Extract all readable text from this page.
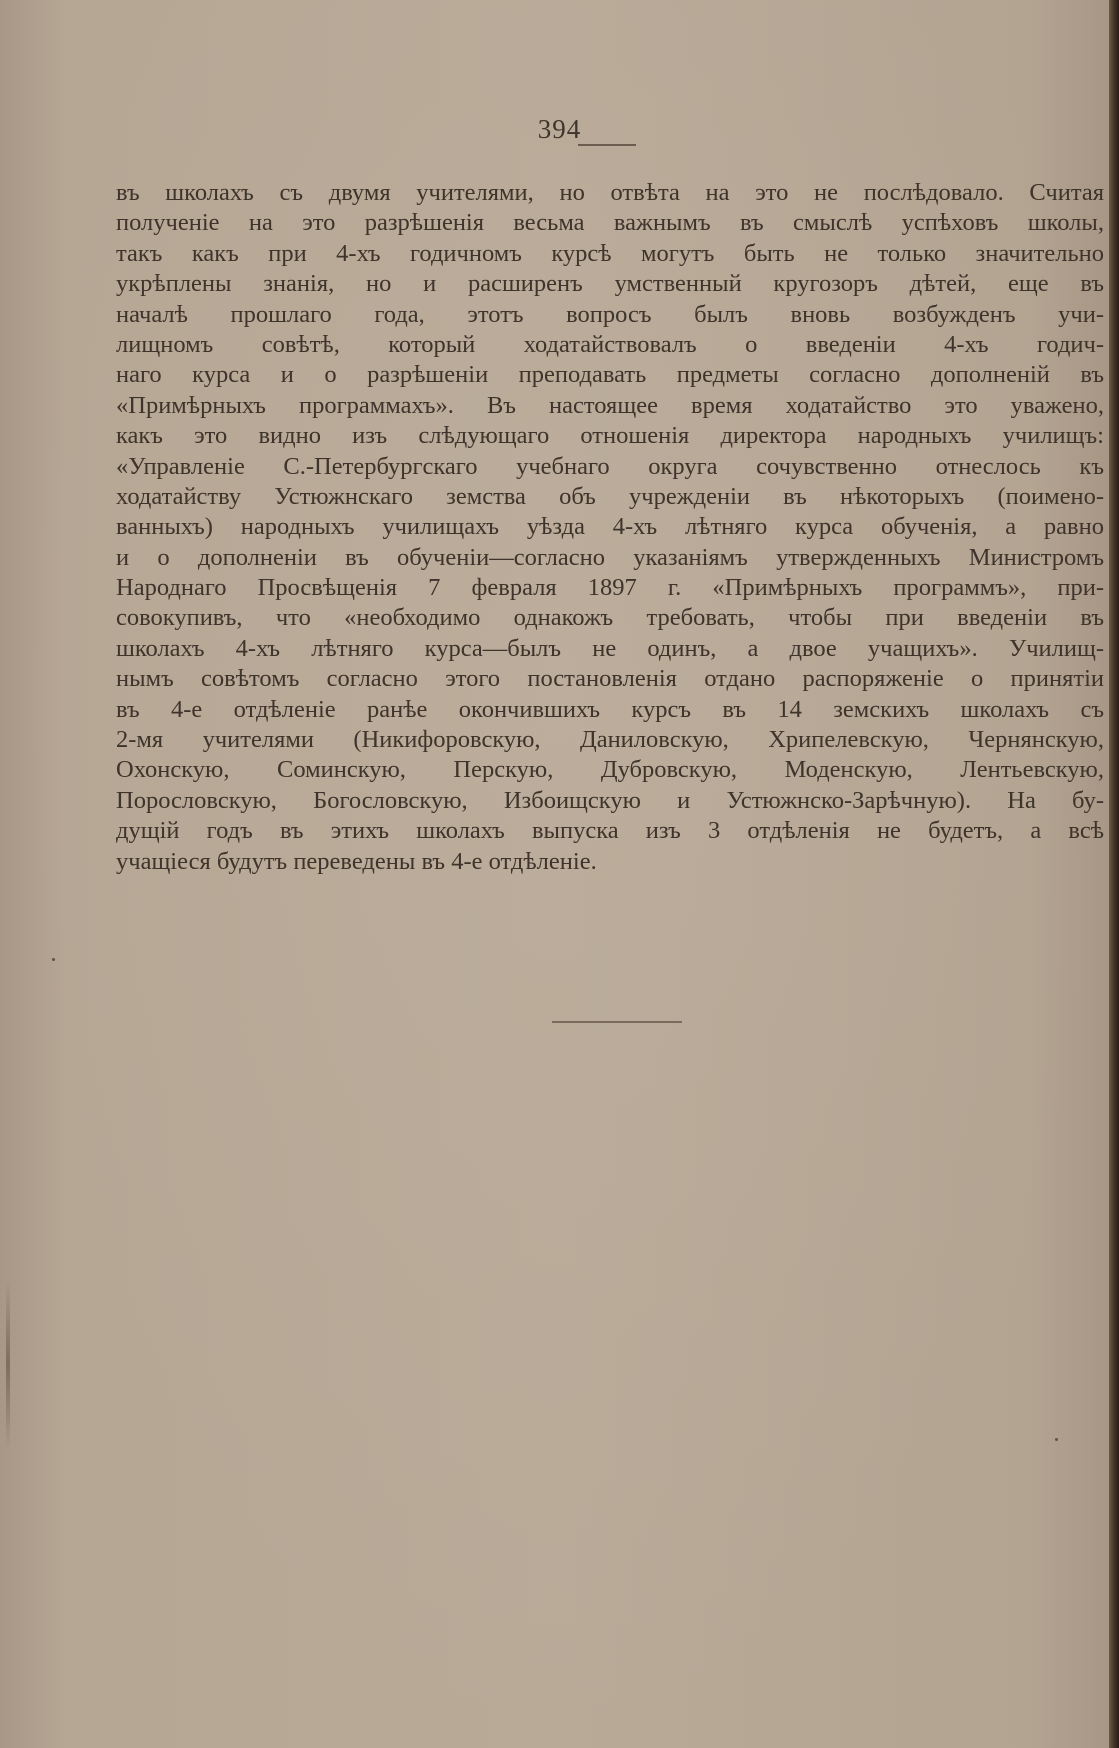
394
въ школахъ съ двумя учителями, но отвѣта на это не послѣдовало. Считая
полученіе на это разрѣшенія весьма важнымъ въ смыслѣ успѣховъ школы,
такъ какъ при 4-хъ годичномъ курсѣ могутъ быть не только значительно
укрѣплены знанія, но и расширенъ умственный кругозоръ дѣтей, еще въ
началѣ прошлаго года, этотъ вопросъ былъ вновь возбужденъ учи-
лищномъ совѣтѣ, который ходатайствовалъ о введеніи 4-хъ годич-
наго курса и о разрѣшеніи преподавать предметы согласно дополненій въ
«Примѣрныхъ программахъ». Въ настоящее время ходатайство это уважено,
какъ это видно изъ слѣдующаго отношенія директора народныхъ училищъ:
«Управленіе С.-Петербургскаго учебнаго округа сочувственно отнеслось къ
ходатайству Устюжнскаго земства объ учрежденіи въ нѣкоторыхъ (поимено-
ванныхъ) народныхъ училищахъ уѣзда 4-хъ лѣтняго курса обученія, а равно
и о дополненіи въ обученіи—согласно указаніямъ утвержденныхъ Министромъ
Народнаго Просвѣщенія 7 февраля 1897 г. «Примѣрныхъ программъ», при-
совокупивъ, что «необходимо однакожъ требовать, чтобы при введеніи въ
школахъ 4-хъ лѣтняго курса—былъ не одинъ, а двое учащихъ». Училищ-
нымъ совѣтомъ согласно этого постановленія отдано распоряженіе о принятіи
въ 4-е отдѣленіе ранѣе окончившихъ курсъ въ 14 земскихъ школахъ съ
2-мя учителями (Никифоровскую, Даниловскую, Хрипелевскую, Чернянскую,
Охонскую, Соминскую, Перскую, Дубровскую, Моденскую, Лентьевскую,
Порословскую, Богословскую, Избоищскую и Устюжнско-Зарѣчную). На бу-
дущій годъ въ этихъ школахъ выпуска изъ 3 отдѣленія не будетъ, а всѣ
учащіеся будутъ переведены въ 4-е отдѣленіе.
